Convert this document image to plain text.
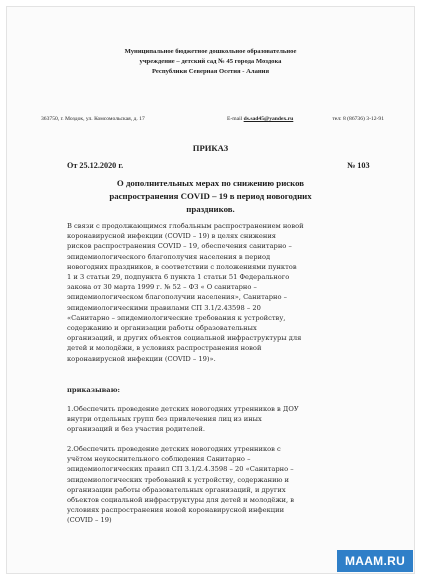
Муниципальное бюджетное дошкольное образовательное
учреждение – детский сад № 45 города Моздока
Республики Северная Осетия - Алания
363750, г. Моздок, ул. Комсомольская, д. 17	E-mail ds.sad45@yandex.ru	тел: 8 (86736) 3-12-91
ПРИКАЗ
От 25.12.2020 г.	№ 103
О дополнительных мерах по снижению рисков
распространения COVID – 19 в период новогодних
праздников.
В связи с продолжающимся глобальным распространением новой
коронавирусной инфекции (COVID – 19) в целях снижения
рисков распространения COVID – 19, обеспечения санитарно –
эпидемиологического благополучия населения в период
новогодних праздников, в соответствии с положениями пунктов
1 и 3 статьи 29, подпункта 6 пункта 1 статьи 51 Федерального
закона от 30 марта 1999 г. № 52 – ФЗ « О санитарно –
эпидемиологическом благополучии населения», Санитарно –
эпидемиологическими правилами СП 3.1/2.43598 – 20
«Санитарно – эпидемиологические требования к устройству,
содержанию и организации работы образовательных
организаций, и других объектов социальной инфраструктуры для
детей и молодёжи, в условиях распространения новой
коронавирусной инфекции (COVID – 19)».
приказываю:
1.Обеспечить проведение детских новогодних утренников в ДОУ
внутри отдельных групп без привлечения лиц из иных
организаций и без участия родителей.
2.Обеспечить проведение детских новогодних утренников с
учётом неукоснительного соблюдения Санитарно –
эпидемиологических правил СП 3.1/2.4.3598 – 20 «Санитарно –
эпидемиологических требований к устройству, содержанию и
организации работы образовательных организаций, и других
объектов социальной инфраструктуры для детей и молодёжи, в
условиях распространения новой коронавирусной инфекции
(COVID – 19)
MAAM.RU
